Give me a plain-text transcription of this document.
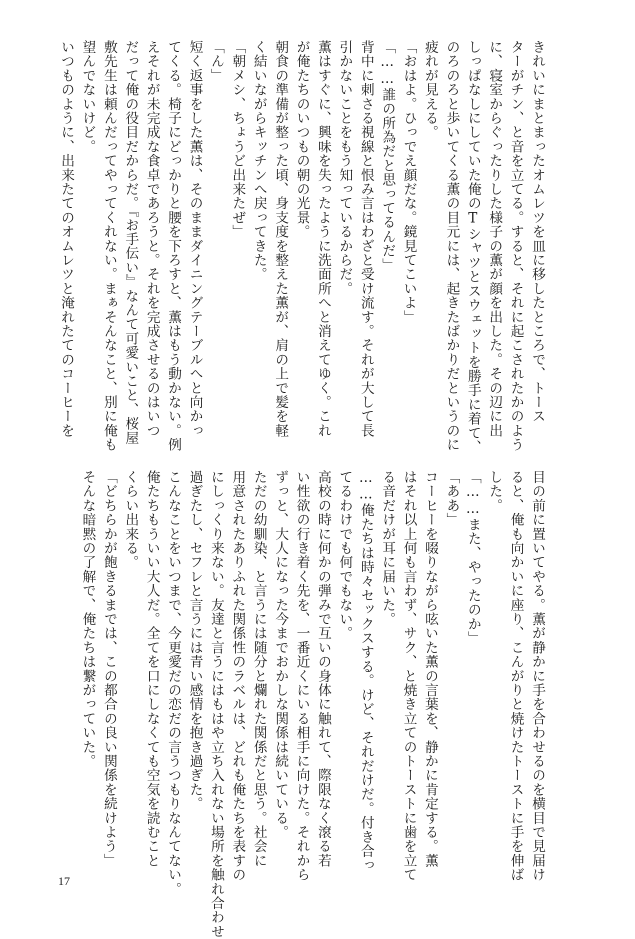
きれいにまとまったオムレツを皿に移したところで、トース

ターがチン、と音を立てる。すると、それに起こされたかのよう

に、寝室からぐったりした様子の薫が顔を出した。その辺に出

しっぱなしにしていた俺のTシャツとスウェットを勝手に着て、

のろのろと歩いてくる薫の目元には、起きたばかりだというのに

疲れが見える。

「おはよ。ひっでえ顔だな。鏡見てこいよ」

「……誰の所為だと思ってるんだ」

背中に刺さる視線と恨み言はわざと受け流す。それが大して長

引かないことをもう知っているからだ。

薫はすぐに、興味を失ったように洗面所へと消えてゆく。これ

が俺たちのいつもの朝の光景。

朝食の準備が整った頃、身支度を整えた薫が、肩の上で髪を軽

く結いながらキッチンへ戻ってきた。

「朝メシ、ちょうど出来たぜ」

「ん」

短く返事をした薫は、そのままダイニングテーブルへと向かっ

てくる。椅子にどっかりと腰を下ろすと、薫はもう動かない。例

えそれが未完成な食卓であろうと。それを完成させるのはいつ

だって俺の役目だからだ。『お手伝い』なんて可愛いこと、桜屋

敷先生は頼んだってやってくれない。まぁそんなこと、別に俺も

望んでないけど。

いつものように、出来たてのオムレツと淹れたてのコーヒーを

目の前に置いてやる。薫が静かに手を合わせるのを横目で見届け

ると、俺も向かいに座り、こんがりと焼けたトーストに手を伸ば

した。

「……また、やったのか」

「ああ」

コーヒーを啜りながら呟いた薫の言葉を、静かに肯定する。薫

はそれ以上何も言わず、サク、と焼き立てのトーストに歯を立て

る音だけが耳に届いた。

……俺たちは時々セックスする。けど、それだけだ。付き合っ

てるわけでも何でもない。

高校の時に何かの弾みで互いの身体に触れて、際限なく滾る若

い性欲の行き着く先を、一番近くにいる相手に向けた。それから

ずっと、大人になった今までおかしな関係は続いている。

ただの幼馴染、と言うには随分と爛れた関係だと思う。社会に

用意されたありふれた関係性のラベルは、どれも俺たちを表すの

にしっくり来ない。友達と言うにはもはや立ち入れない場所を触れ合わせ

過ぎたし、セフレと言うには青い感情を抱き過ぎた。

こんなことをいつまで、今更愛だの恋だの言うつもりなんてない。

俺たちもういい大人だ。全てを口にしなくても空気を読むこと

くらい出来る。

「どちらかが飽きるまでは、この都合の良い関係を続けよう」

そんな暗黙の了解で、俺たちは繋がっていた。

17
